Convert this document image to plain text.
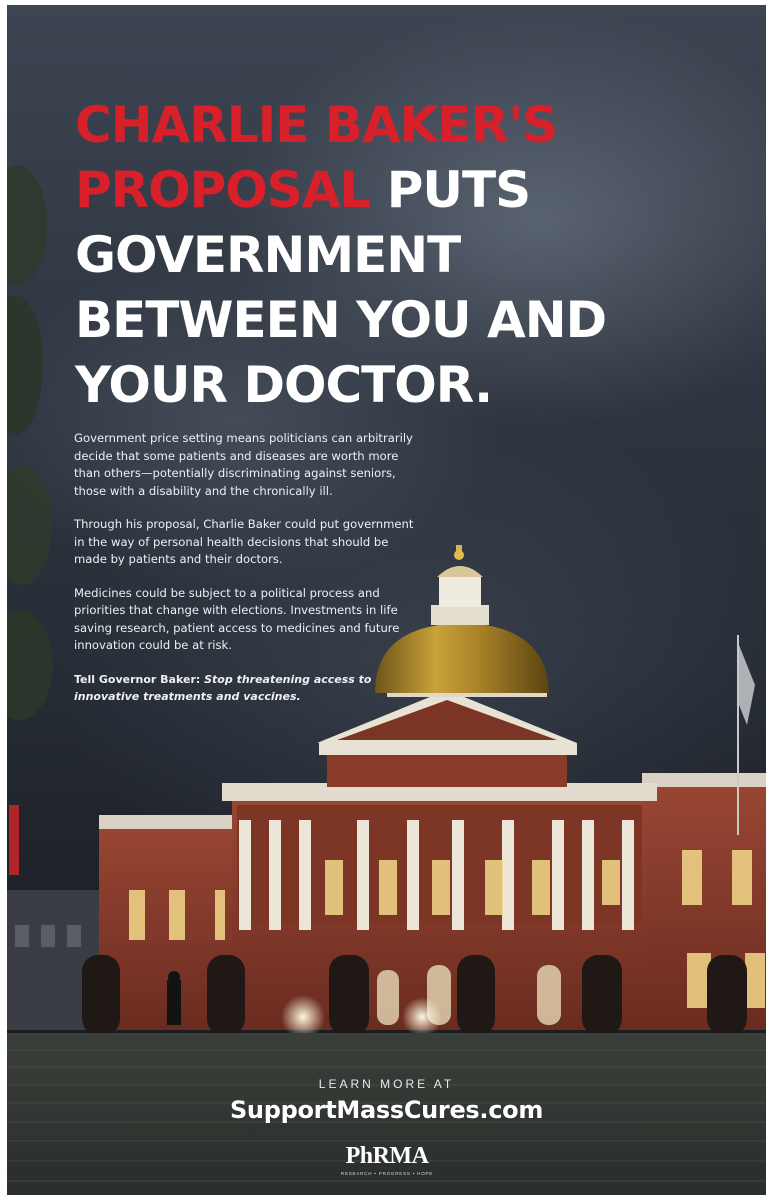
CHARLIE BAKER'S PROPOSAL PUTS GOVERNMENT BETWEEN YOU AND YOUR DOCTOR.

Government price setting means politicians can arbitrarily decide that some patients and diseases are worth more than others—potentially discriminating against seniors, those with a disability and the chronically ill.

Through his proposal, Charlie Baker could put government in the way of personal health decisions that should be made by patients and their doctors.

Medicines could be subject to a political process and priorities that change with elections. Investments in life saving research, patient access to medicines and future innovation could be at risk.

Tell Governor Baker: Stop threatening access to innovative treatments and vaccines.

LEARN MORE AT
SupportMassCures.com
PhRMA
RESEARCH • PROGRESS • HOPE
